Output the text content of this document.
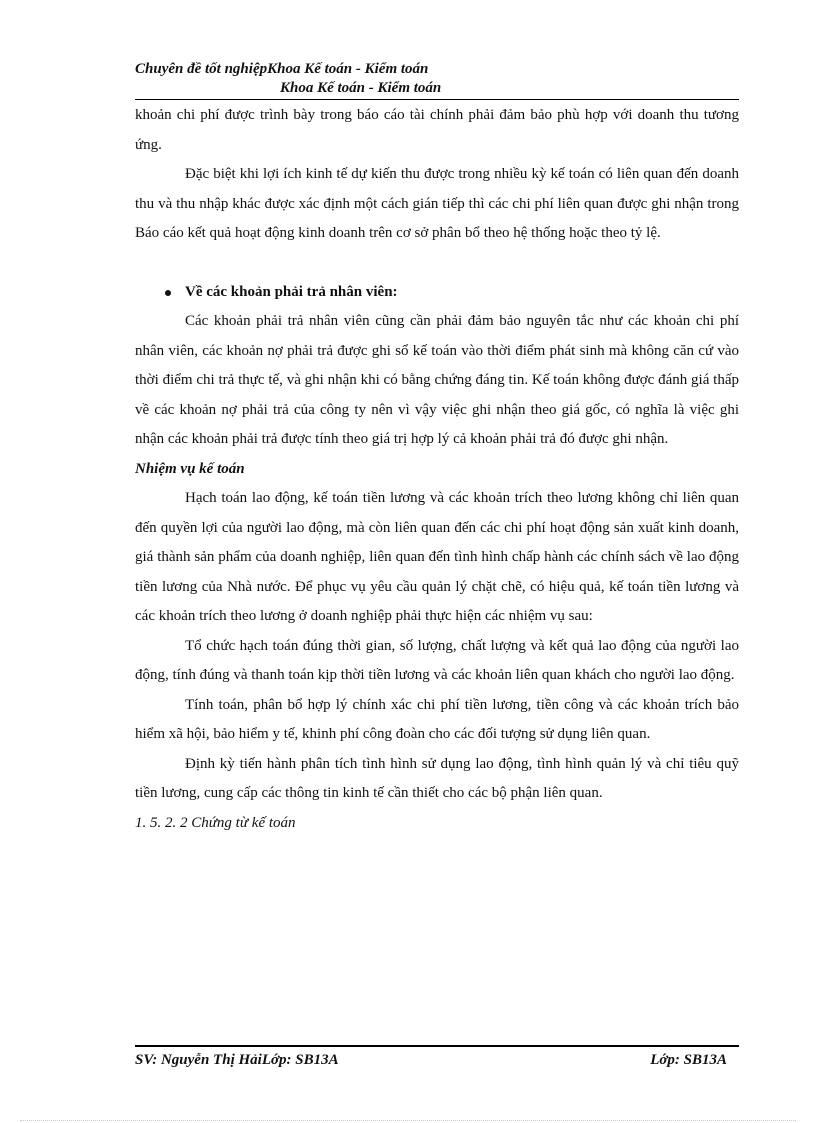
Chuyên đề tốt nghiệpKhoa Kế toán - Kiểm toán
Khoa Kế toán - Kiểm toán

khoản chi phí được trình bày trong báo cáo tài chính phải đảm bảo phù hợp với doanh thu tương ứng.

Đặc biệt khi lợi ích kinh tế dự kiến thu được trong nhiều kỳ kế toán có liên quan đến doanh thu và thu nhập khác được xác định một cách gián tiếp thì các chi phí liên quan được ghi nhận trong Báo cáo kết quả hoạt động kinh doanh trên cơ sở phân bổ theo hệ thống hoặc theo tỷ lệ.

Về các khoản phải trả nhân viên:

Các khoản phải trả nhân viên cũng cần phải đảm bảo nguyên tắc như các khoản chi phí nhân viên, các khoản nợ phải trả được ghi sổ kế toán vào thời điểm phát sinh mà không căn cứ vào thời điểm chi trả thực tế, và ghi nhận khi có bằng chứng đáng tin. Kế toán không được đánh giá thấp về các khoản nợ phải trả của công ty nên vì vậy việc ghi nhận theo giá gốc, có nghĩa là việc ghi nhận các khoản phải trả được tính theo giá trị hợp lý cả khoản phải trả đó được ghi nhận.

Nhiệm vụ kế toán

Hạch toán lao động, kế toán tiền lương và các khoản trích theo lương không chỉ liên quan đến quyền lợi của người lao động, mà còn liên quan đến các chi phí hoạt động sản xuất kinh doanh, giá thành sản phẩm của doanh nghiệp, liên quan đến tình hình chấp hành các chính sách về lao động tiền lương của Nhà nước. Để phục vụ yêu cầu quản lý chặt chẽ, có hiệu quả, kế toán tiền lương và các khoản trích theo lương ở doanh nghiệp phải thực hiện các nhiệm vụ sau:

Tổ chức hạch toán đúng thời gian, số lượng, chất lượng và kết quả lao động của người lao động, tính đúng và thanh toán kịp thời tiền lương và các khoản liên quan khách cho người lao động.

Tính toán, phân bổ hợp lý chính xác chi phí tiền lương, tiền công và các khoản trích bảo hiểm xã hội, bảo hiểm y tế, khinh phí công đoàn cho các đối tượng sử dụng liên quan.

Định kỳ tiến hành phân tích tình hình sử dụng lao động, tình hình quản lý và chỉ tiêu quỹ tiền lương, cung cấp các thông tin kinh tế cần thiết cho các bộ phận liên quan.

1. 5. 2. 2 Chứng từ kế toán

SV: Nguyễn Thị HảiLớp: SB13A	Lớp: SB13A
